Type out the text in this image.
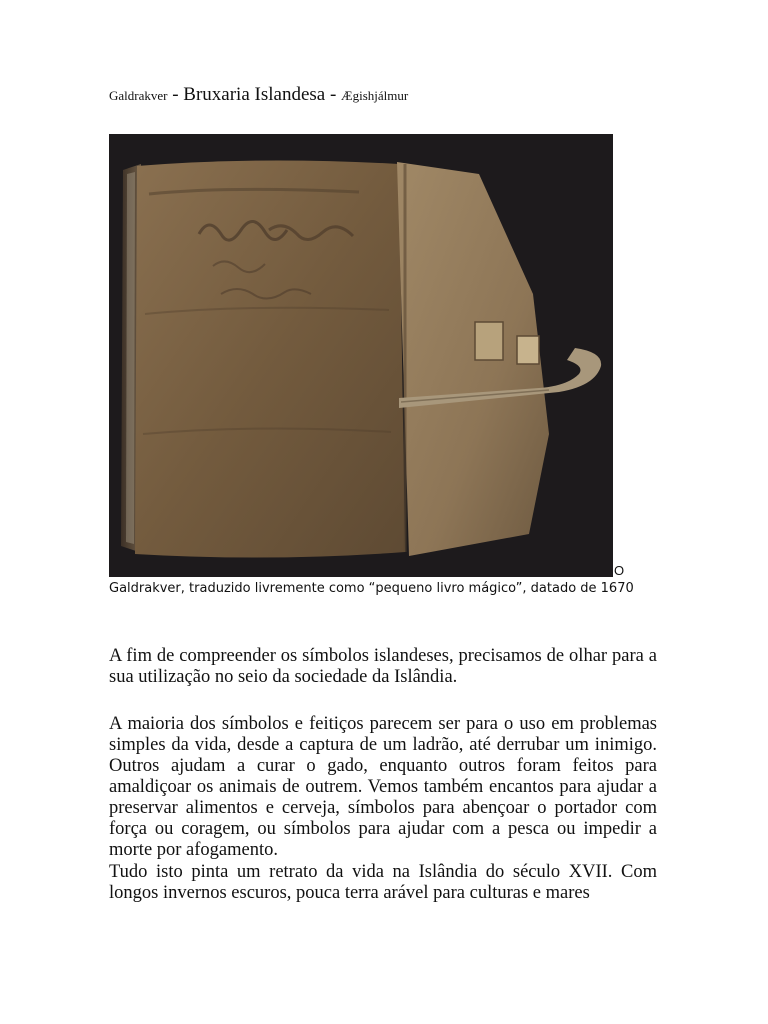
Galdrakver - Bruxaria Islandesa - Ægishjálmur
O
Galdrakver, traduzido livremente como “pequeno livro mágico”, datado de 1670

A fim de compreender os símbolos islandeses, precisamos de olhar para a sua utilização no seio da sociedade da Islândia.

A maioria dos símbolos e feitiços parecem ser para o uso em problemas simples da vida, desde a captura de um ladrão, até derrubar um inimigo. Outros ajudam a curar o gado, enquanto outros foram feitos para amaldiçoar os animais de outrem. Vemos também encantos para ajudar a preservar alimentos e cerveja, símbolos para abençoar o portador com força ou coragem, ou símbolos para ajudar com a pesca ou impedir a morte por afogamento.

Tudo isto pinta um retrato da vida na Islândia do século XVII. Com longos invernos escuros, pouca terra arável para culturas e mares
